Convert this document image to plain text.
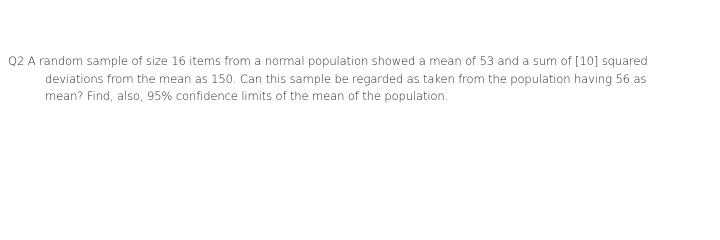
Q2 A random sample of size 16 items from a normal population showed a mean of 53 and a sum of [10] squared
deviations from the mean as 150. Can this sample be regarded as taken from the population having 56 as
mean? Find, also, 95% confidence limits of the mean of the population.
